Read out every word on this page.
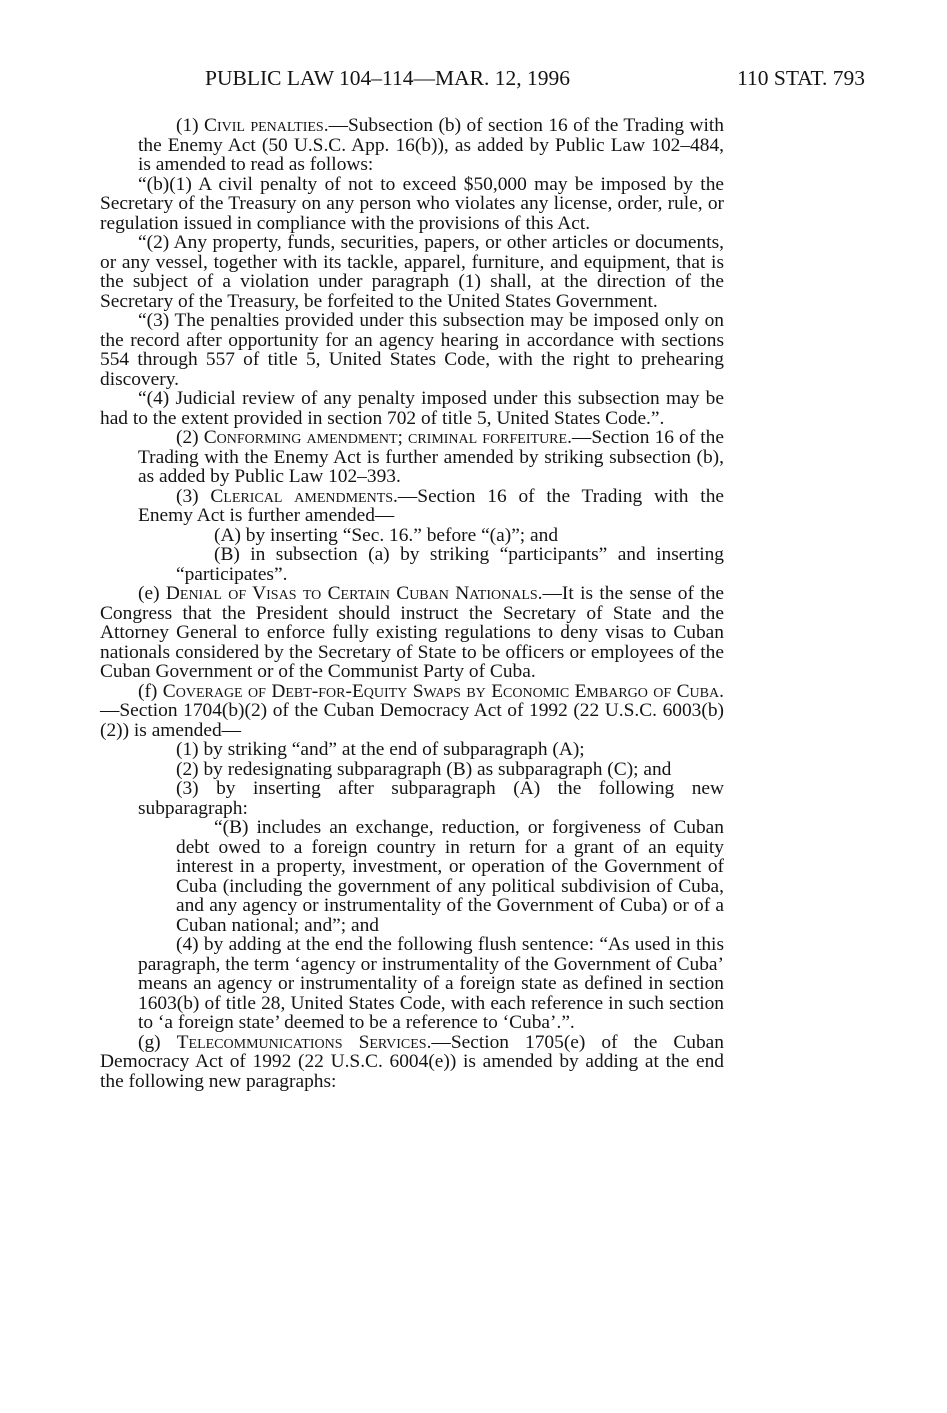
PUBLIC LAW 104–114—MAR. 12, 1996	110 STAT. 793

(1) Civil penalties.—Subsection (b) of section 16 of the Trading with the Enemy Act (50 U.S.C. App. 16(b)), as added by Public Law 102–484, is amended to read as follows:

“(b)(1) A civil penalty of not to exceed $50,000 may be imposed by the Secretary of the Treasury on any person who violates any license, order, rule, or regulation issued in compliance with the provisions of this Act.

“(2) Any property, funds, securities, papers, or other articles or documents, or any vessel, together with its tackle, apparel, furniture, and equipment, that is the subject of a violation under paragraph (1) shall, at the direction of the Secretary of the Treasury, be forfeited to the United States Government.

“(3) The penalties provided under this subsection may be imposed only on the record after opportunity for an agency hearing in accordance with sections 554 through 557 of title 5, United States Code, with the right to prehearing discovery.

“(4) Judicial review of any penalty imposed under this subsection may be had to the extent provided in section 702 of title 5, United States Code.”.

(2) Conforming amendment; criminal forfeiture.—Section 16 of the Trading with the Enemy Act is further amended by striking subsection (b), as added by Public Law 102–393.

(3) Clerical amendments.—Section 16 of the Trading with the Enemy Act is further amended—

(A) by inserting “Sec. 16.” before “(a)”; and

(B) in subsection (a) by striking “participants” and inserting “participates”.

(e) Denial of Visas to Certain Cuban Nationals.—It is the sense of the Congress that the President should instruct the Secretary of State and the Attorney General to enforce fully existing regulations to deny visas to Cuban nationals considered by the Secretary of State to be officers or employees of the Cuban Government or of the Communist Party of Cuba.

(f) Coverage of Debt-for-Equity Swaps by Economic Embargo of Cuba.—Section 1704(b)(2) of the Cuban Democracy Act of 1992 (22 U.S.C. 6003(b)(2)) is amended—

(1) by striking “and” at the end of subparagraph (A);

(2) by redesignating subparagraph (B) as subparagraph (C); and

(3) by inserting after subparagraph (A) the following new subparagraph:

“(B) includes an exchange, reduction, or forgiveness of Cuban debt owed to a foreign country in return for a grant of an equity interest in a property, investment, or operation of the Government of Cuba (including the government of any political subdivision of Cuba, and any agency or instrumentality of the Government of Cuba) or of a Cuban national; and”; and

(4) by adding at the end the following flush sentence: “As used in this paragraph, the term ‘agency or instrumentality of the Government of Cuba’ means an agency or instrumentality of a foreign state as defined in section 1603(b) of title 28, United States Code, with each reference in such section to ‘a foreign state’ deemed to be a reference to ‘Cuba’.”.

(g) Telecommunications Services.—Section 1705(e) of the Cuban Democracy Act of 1992 (22 U.S.C. 6004(e)) is amended by adding at the end the following new paragraphs:
